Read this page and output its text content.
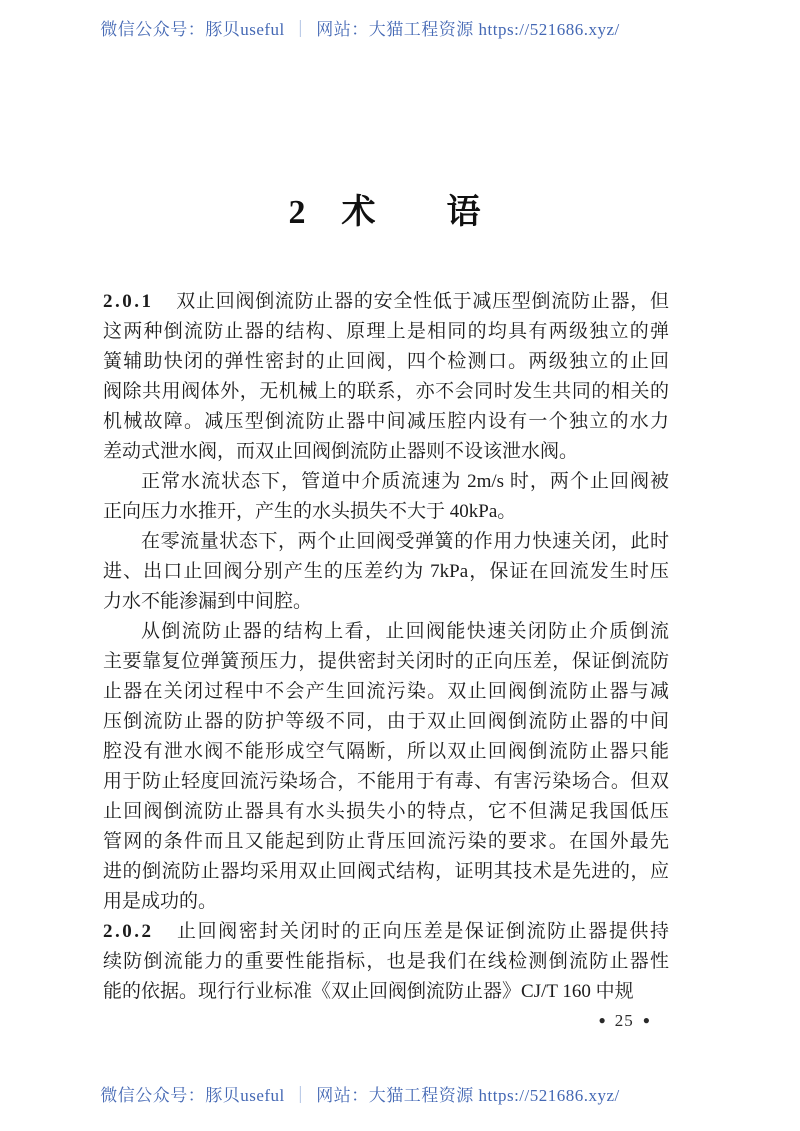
微信公众号：豚贝useful ｜ 网站：大猫工程资源 https://521686.xyz/
2　术　　语
2.0.1 双止回阀倒流防止器的安全性低于减压型倒流防止器，但
这两种倒流防止器的结构、原理上是相同的均具有两级独立的弹
簧辅助快闭的弹性密封的止回阀，四个检测口。两级独立的止回
阀除共用阀体外，无机械上的联系，亦不会同时发生共同的相关的
机械故障。减压型倒流防止器中间减压腔内设有一个独立的水力
差动式泄水阀，而双止回阀倒流防止器则不设该泄水阀。
正常水流状态下，管道中介质流速为 2m/s 时，两个止回阀被
正向压力水推开，产生的水头损失不大于 40kPa。
在零流量状态下，两个止回阀受弹簧的作用力快速关闭，此时
进、出口止回阀分别产生的压差约为 7kPa，保证在回流发生时压
力水不能渗漏到中间腔。
从倒流防止器的结构上看，止回阀能快速关闭防止介质倒流
主要靠复位弹簧预压力，提供密封关闭时的正向压差，保证倒流防
止器在关闭过程中不会产生回流污染。双止回阀倒流防止器与减
压倒流防止器的防护等级不同，由于双止回阀倒流防止器的中间
腔没有泄水阀不能形成空气隔断，所以双止回阀倒流防止器只能
用于防止轻度回流污染场合，不能用于有毒、有害污染场合。但双
止回阀倒流防止器具有水头损失小的特点，它不但满足我国低压
管网的条件而且又能起到防止背压回流污染的要求。在国外最先
进的倒流防止器均采用双止回阀式结构，证明其技术是先进的，应
用是成功的。
2.0.2 止回阀密封关闭时的正向压差是保证倒流防止器提供持
续防倒流能力的重要性能指标，也是我们在线检测倒流防止器性
能的依据。现行行业标准《双止回阀倒流防止器》CJ/T 160 中规
● 25 ●
微信公众号：豚贝useful ｜ 网站：大猫工程资源 https://521686.xyz/
